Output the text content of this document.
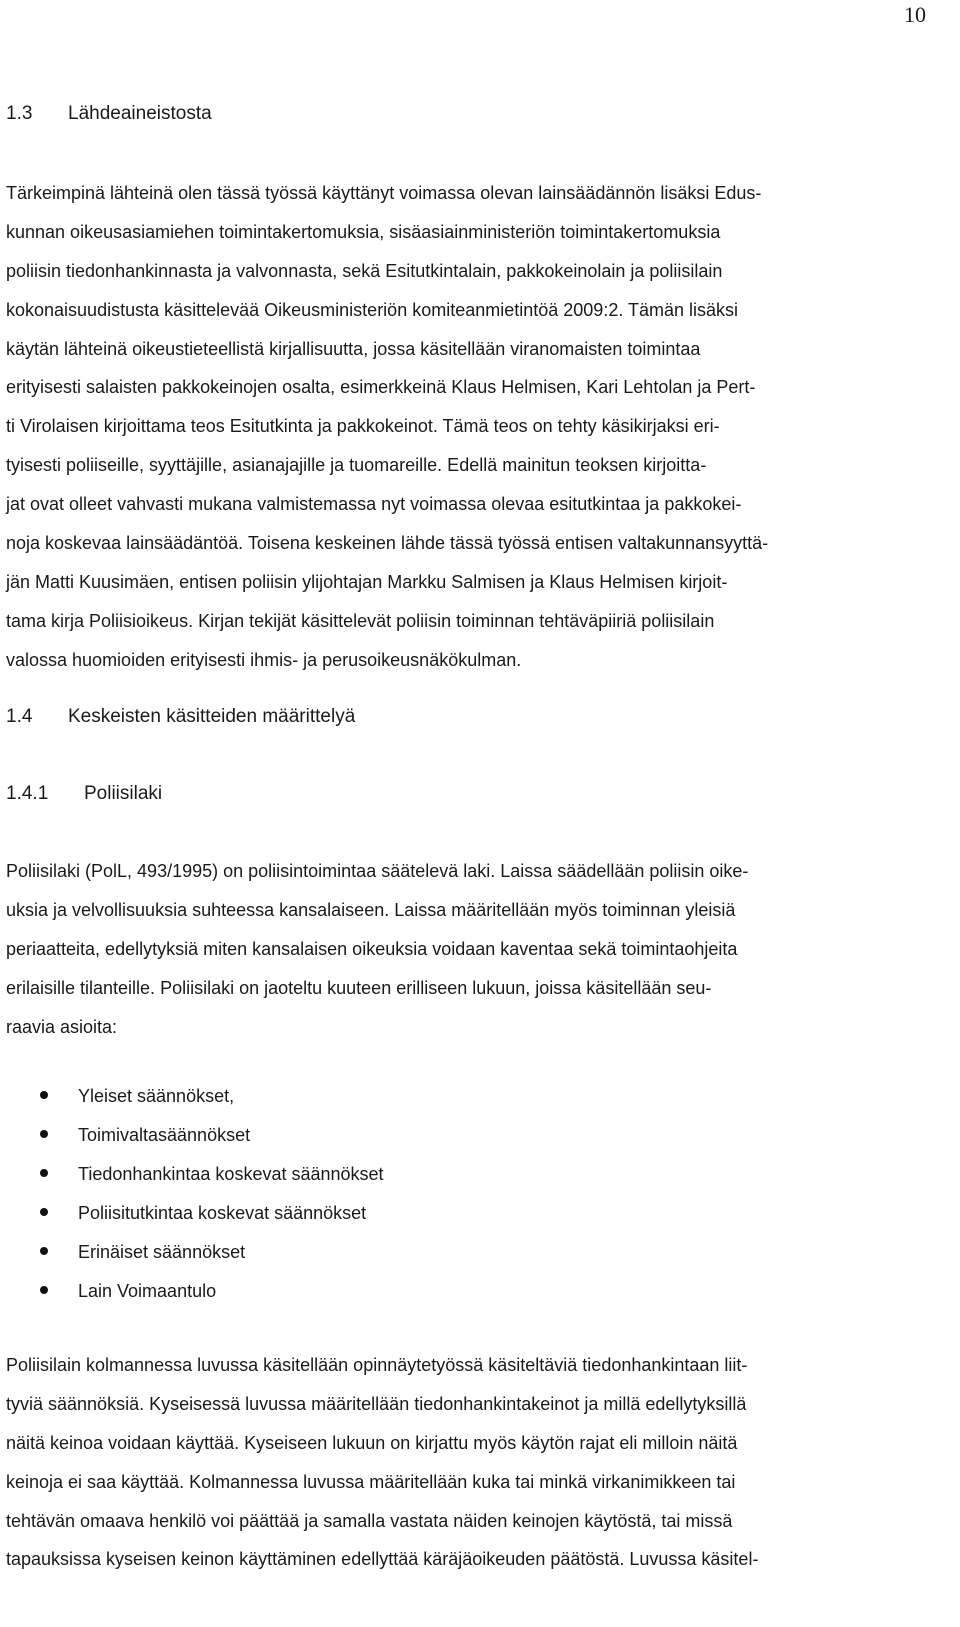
10
1.3 Lähdeaineistosta
Tärkeimpinä lähteinä olen tässä työssä käyttänyt voimassa olevan lainsäädännön lisäksi Edus-
kunnan oikeusasiamiehen toimintakertomuksia, sisäasiainministeriön toimintakertomuksia
poliisin tiedonhankinnasta ja valvonnasta, sekä Esitutkintalain, pakkokeinolain ja poliisilain
kokonaisuudistusta käsittelevää Oikeusministeriön komiteanmietintöä 2009:2. Tämän lisäksi
käytän lähteinä oikeustieteellistä kirjallisuutta, jossa käsitellään viranomaisten toimintaa
erityisesti salaisten pakkokeinojen osalta, esimerkkeinä Klaus Helmisen, Kari Lehtolan ja Pert-
ti Virolaisen kirjoittama teos Esitutkinta ja pakkokeinot. Tämä teos on tehty käsikirjaksi eri-
tyisesti poliiseille, syyttäjille, asianajajille ja tuomareille. Edellä mainitun teoksen kirjoitta-
jat ovat olleet vahvasti mukana valmistemassa nyt voimassa olevaa esitutkintaa ja pakkokei-
noja koskevaa lainsäädäntöä. Toisena keskeinen lähde tässä työssä entisen valtakunnansyyttä-
jän Matti Kuusimäen, entisen poliisin ylijohtajan Markku Salmisen ja Klaus Helmisen kirjoit-
tama kirja Poliisioikeus. Kirjan tekijät käsittelevät poliisin toiminnan tehtäväpiiriä poliisilain
valossa huomioiden erityisesti ihmis- ja perusoikeusnäkökulman.
1.4 Keskeisten käsitteiden määrittelyä
1.4.1 Poliisilaki
Poliisilaki (PolL, 493/1995) on poliisintoimintaa säätelevä laki. Laissa säädellään poliisin oike-
uksia ja velvollisuuksia suhteessa kansalaiseen. Laissa määritellään myös toiminnan yleisiä
periaatteita, edellytyksiä miten kansalaisen oikeuksia voidaan kaventaa sekä toimintaohjeita
erilaisille tilanteille. Poliisilaki on jaoteltu kuuteen erilliseen lukuun, joissa käsitellään seu-
raavia asioita:
Yleiset säännökset,
Toimivaltasäännökset
Tiedonhankintaa koskevat säännökset
Poliisitutkintaa koskevat säännökset
Erinäiset säännökset
Lain Voimaantulo
Poliisilain kolmannessa luvussa käsitellään opinnäytetyössä käsiteltäviä tiedonhankintaan liit-
tyviä säännöksiä. Kyseisessä luvussa määritellään tiedonhankintakeinot ja millä edellytyksillä
näitä keinoa voidaan käyttää. Kyseiseen lukuun on kirjattu myös käytön rajat eli milloin näitä
keinoja ei saa käyttää. Kolmannessa luvussa määritellään kuka tai minkä virkanimikkeen tai
tehtävän omaava henkilö voi päättää ja samalla vastata näiden keinojen käytöstä, tai missä
tapauksissa kyseisen keinon käyttäminen edellyttää käräjäoikeuden päätöstä. Luvussa käsitel-
